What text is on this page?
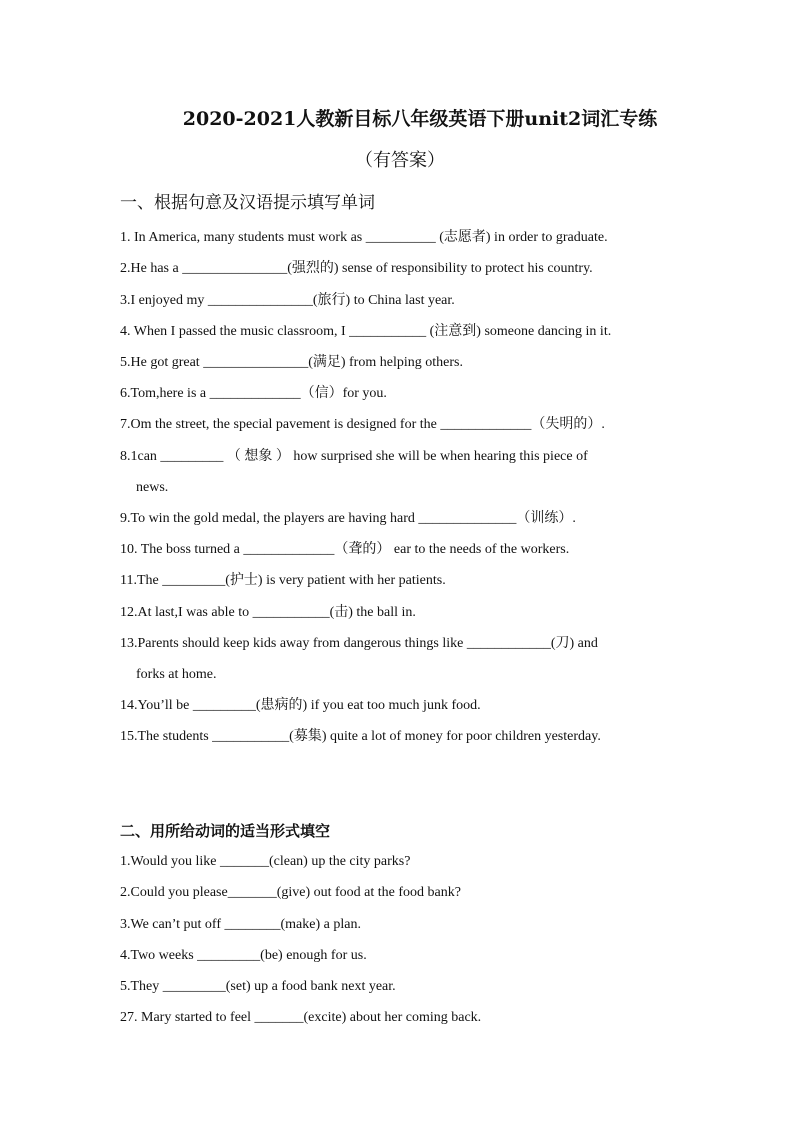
2020-2021人教新目标八年级英语下册unit2词汇专练
（有答案）
一、根据句意及汉语提示填写单词
1. In America, many students must work as __________ (志愿者) in order to graduate.
2.He has a _______________(强烈的) sense of responsibility to protect his country.
3.I enjoyed my _______________(旅行) to China last year.
4. When I passed the music classroom, I ___________ (注意到) someone dancing in it.
5.He got great _______________(满足) from helping others.
6.Tom,here is a _____________（信）for you.
7.Om the street, the special pavement is designed for the _____________（失明的）.
8.1can _________ （ 想象 ） how surprised she will be when hearing this piece of
news.
9.To win the gold medal, the players are having hard ______________（训练）.
10. The boss turned a _____________（聋的） ear to the needs of the workers.
11.The _________(护士) is very patient with her patients.
12.At last,I was able to ___________(击) the ball in.
13.Parents should keep kids away from dangerous things like ____________(刀) and
forks at home.
14.You’ll be _________(患病的) if you eat too much junk food.
15.The students ___________(募集) quite a lot of money for poor children yesterday.
二、用所给动词的适当形式填空
1.Would you like _______(clean) up the city parks?
2.Could you please_______(give) out food at the food bank?
3.We can’t put off ________(make) a plan.
4.Two weeks _________(be) enough for us.
5.They _________(set) up a food bank next year.
27. Mary started to feel _______(excite) about her coming back.
